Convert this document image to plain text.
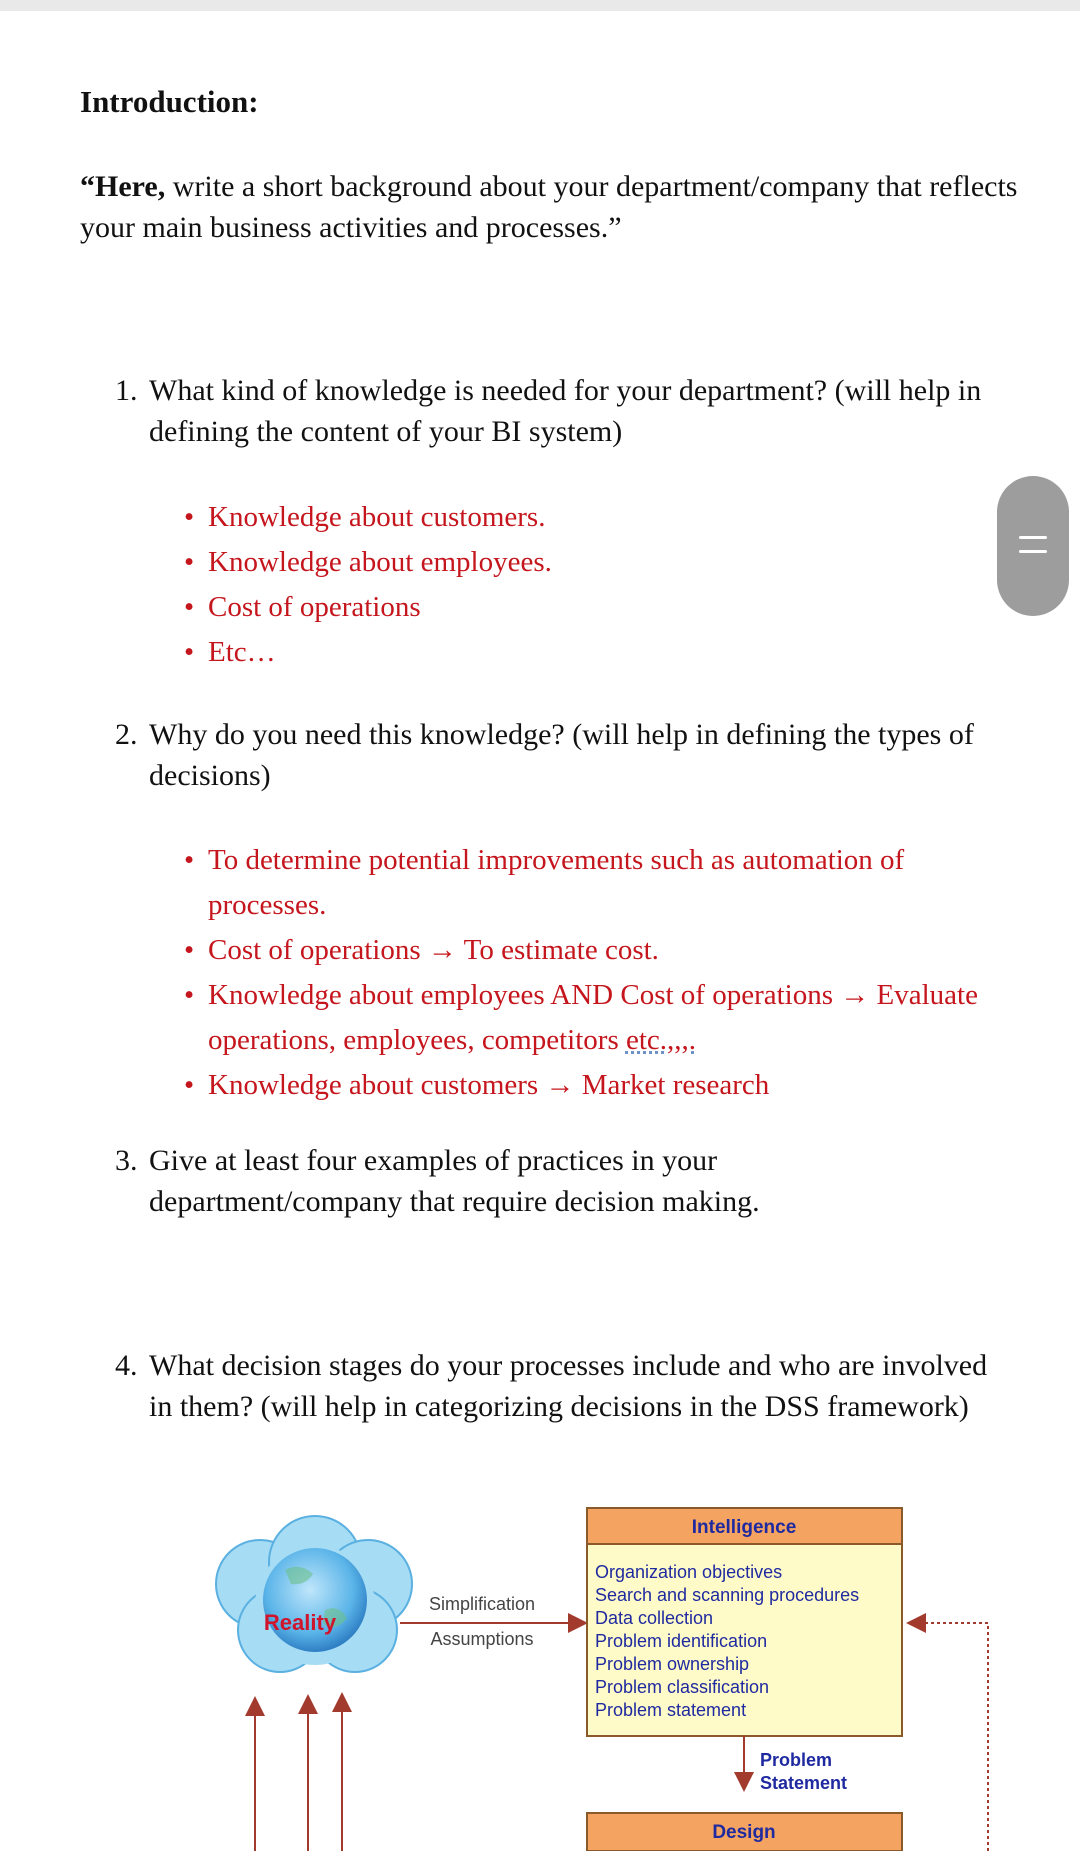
Introduction:
“Here, write a short background about your department/company that reflects your main business activities and processes.”
1. What kind of knowledge is needed for your department? (will help in defining the content of your BI system)
• Knowledge about customers.
• Knowledge about employees.
• Cost of operations
• Etc…
2. Why do you need this knowledge? (will help in defining the types of decisions)
• To determine potential improvements such as automation of processes.
• Cost of operations → To estimate cost.
• Knowledge about employees AND Cost of operations → Evaluate operations, employees, competitors etc.,,,.
• Knowledge about customers → Market research
3. Give at least four examples of practices in your department/company that require decision making.
4. What decision stages do your processes include and who are involved in them? (will help in categorizing decisions in the DSS framework)
Reality
Simplification
Assumptions
Intelligence
Organization objectives
Search and scanning procedures
Data collection
Problem identification
Problem ownership
Problem classification
Problem statement
Problem
Statement
Design
